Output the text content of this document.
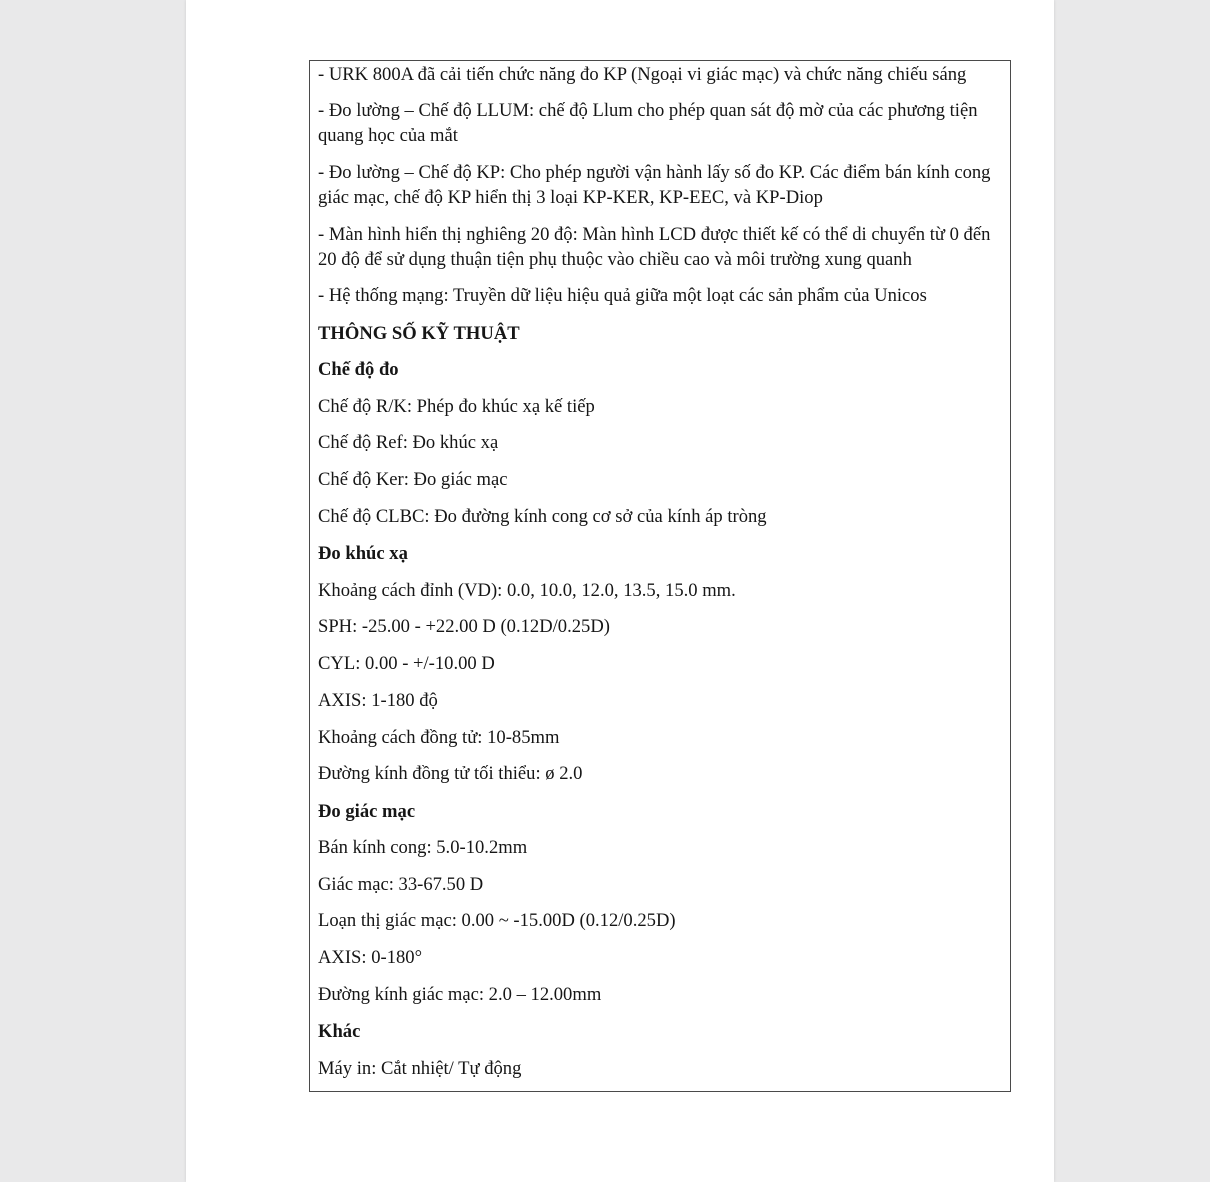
- URK 800A đã cải tiến chức năng đo KP (Ngoại vi giác mạc) và chức năng chiếu sáng
- Đo lường – Chế độ LLUM: chế độ Llum cho phép quan sát độ mờ của các phương tiện
quang học của mắt
- Đo lường – Chế độ KP: Cho phép người vận hành lấy số đo KP. Các điểm bán kính cong
giác mạc, chế độ KP hiển thị 3 loại KP-KER, KP-EEC, và KP-Diop
- Màn hình hiển thị nghiêng 20 độ: Màn hình LCD được thiết kế có thể di chuyển từ 0 đến
20 độ để sử dụng thuận tiện phụ thuộc vào chiều cao và môi trường xung quanh
- Hệ thống mạng: Truyền dữ liệu hiệu quả giữa một loạt các sản phẩm của Unicos
THÔNG SỐ KỸ THUẬT
Chế độ đo
Chế độ R/K: Phép đo khúc xạ kế tiếp
Chế độ Ref: Đo khúc xạ
Chế độ Ker: Đo giác mạc
Chế độ CLBC: Đo đường kính cong cơ sở của kính áp tròng
Đo khúc xạ
Khoảng cách đỉnh (VD): 0.0, 10.0, 12.0, 13.5, 15.0 mm.
SPH: -25.00 - +22.00 D (0.12D/0.25D)
CYL: 0.00 - +/-10.00 D
AXIS: 1-180 độ
Khoảng cách đồng tử: 10-85mm
Đường kính đồng tử tối thiểu: ø 2.0
Đo giác mạc
Bán kính cong: 5.0-10.2mm
Giác mạc: 33-67.50 D
Loạn thị giác mạc: 0.00 ~ -15.00D (0.12/0.25D)
AXIS: 0-180°
Đường kính giác mạc: 2.0 – 12.00mm
Khác
Máy in: Cắt nhiệt/ Tự động
